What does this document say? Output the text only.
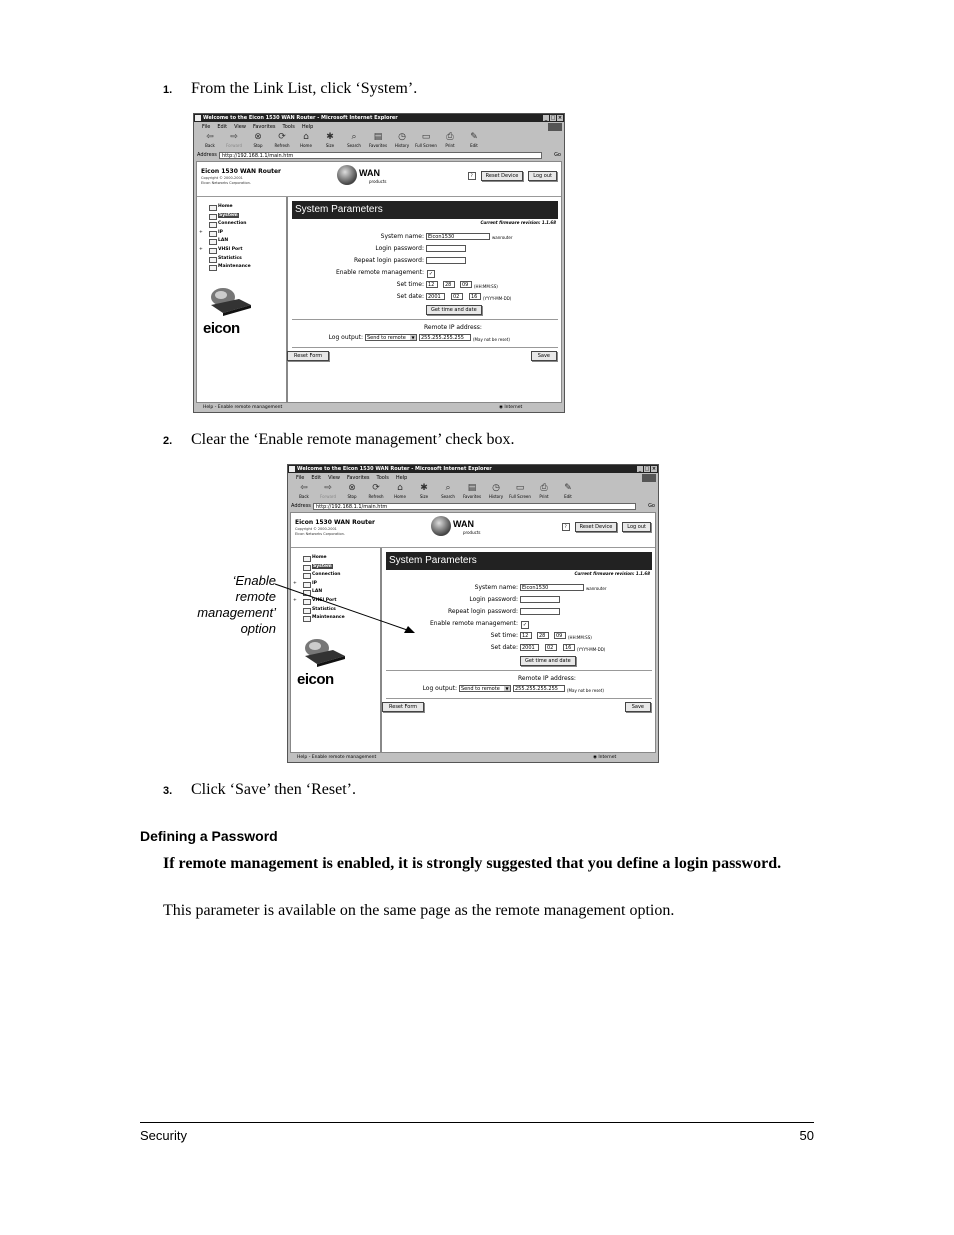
1. From the Link List, click ‘System’.
Welcome to the Eicon 1530 WAN Router - Microsoft Internet Explorer	_ □ ×
File Edit View Favorites Tools Help
⇦
Back
⇨
Forward
⊗
Stop
⟳
Refresh
⌂
Home
✱
Size
⌕
Search
▤
Favorites
◷
History
▭
Full Screen
⎙
Print
✎
Edit
Address	http://192.168.1.1/main.htm	Go
Eicon 1530 WAN Router
Copyright © 2000-2001
Eicon Networks Corporation.
WAN
products
?	Reset Device	Log out
Home
System
Connection
+	IP
LAN
+	VHSI Port
Statistics
Maintenance
eicon
System Parameters
Current firmware revision: 1.1.68
System name: Eicon1530	wanrouter
Login password:
Repeat login password:
Enable remote management: ✓
Set time: 12	28	09	(HH:MM:SS)
Set date: 2001	02	16	(YYYY-MM-DD)
Get time and date
Remote IP address:
Log output: Send to remote	▼	255.255.255.255	(May not be reset)
Reset Form	Save
Help - Enable remote management	◉ Internet
2. Clear the ‘Enable remote management’ check box.
Welcome to the Eicon 1530 WAN Router - Microsoft Internet Explorer	_ □ ×
File Edit View Favorites Tools Help
⇦
Back
⇨
Forward
⊗
Stop
⟳
Refresh
⌂
Home
✱
Size
⌕
Search
▤
Favorites
◷
History
▭
Full Screen
⎙
Print
✎
Edit
Address	http://192.168.1.1/main.htm	Go
Eicon 1530 WAN Router
Copyright © 2000-2001
Eicon Networks Corporation.
WAN
products
?	Reset Device	Log out
Home
System
Connection
+	IP
LAN
+	VHSI Port
Statistics
Maintenance
eicon
System Parameters
Current firmware revision: 1.1.68
System name: Eicon1530	wanrouter
Login password:
Repeat login password:
Enable remote management: ✓
Set time: 12	28	09	(HH:MM:SS)
Set date: 2001	02	16	(YYYY-MM-DD)
Get time and date
Remote IP address:
Log output: Send to remote	▼	255.255.255.255	(May not be reset)
Reset Form	Save
Help - Enable remote management	◉ Internet
‘Enable
remote
management’
option
3. Click ‘Save’ then ‘Reset’.
Defining a Password
If remote management is enabled, it is strongly suggested that you define a login password.
This parameter is available on the same page as the remote management option.
Security	50
